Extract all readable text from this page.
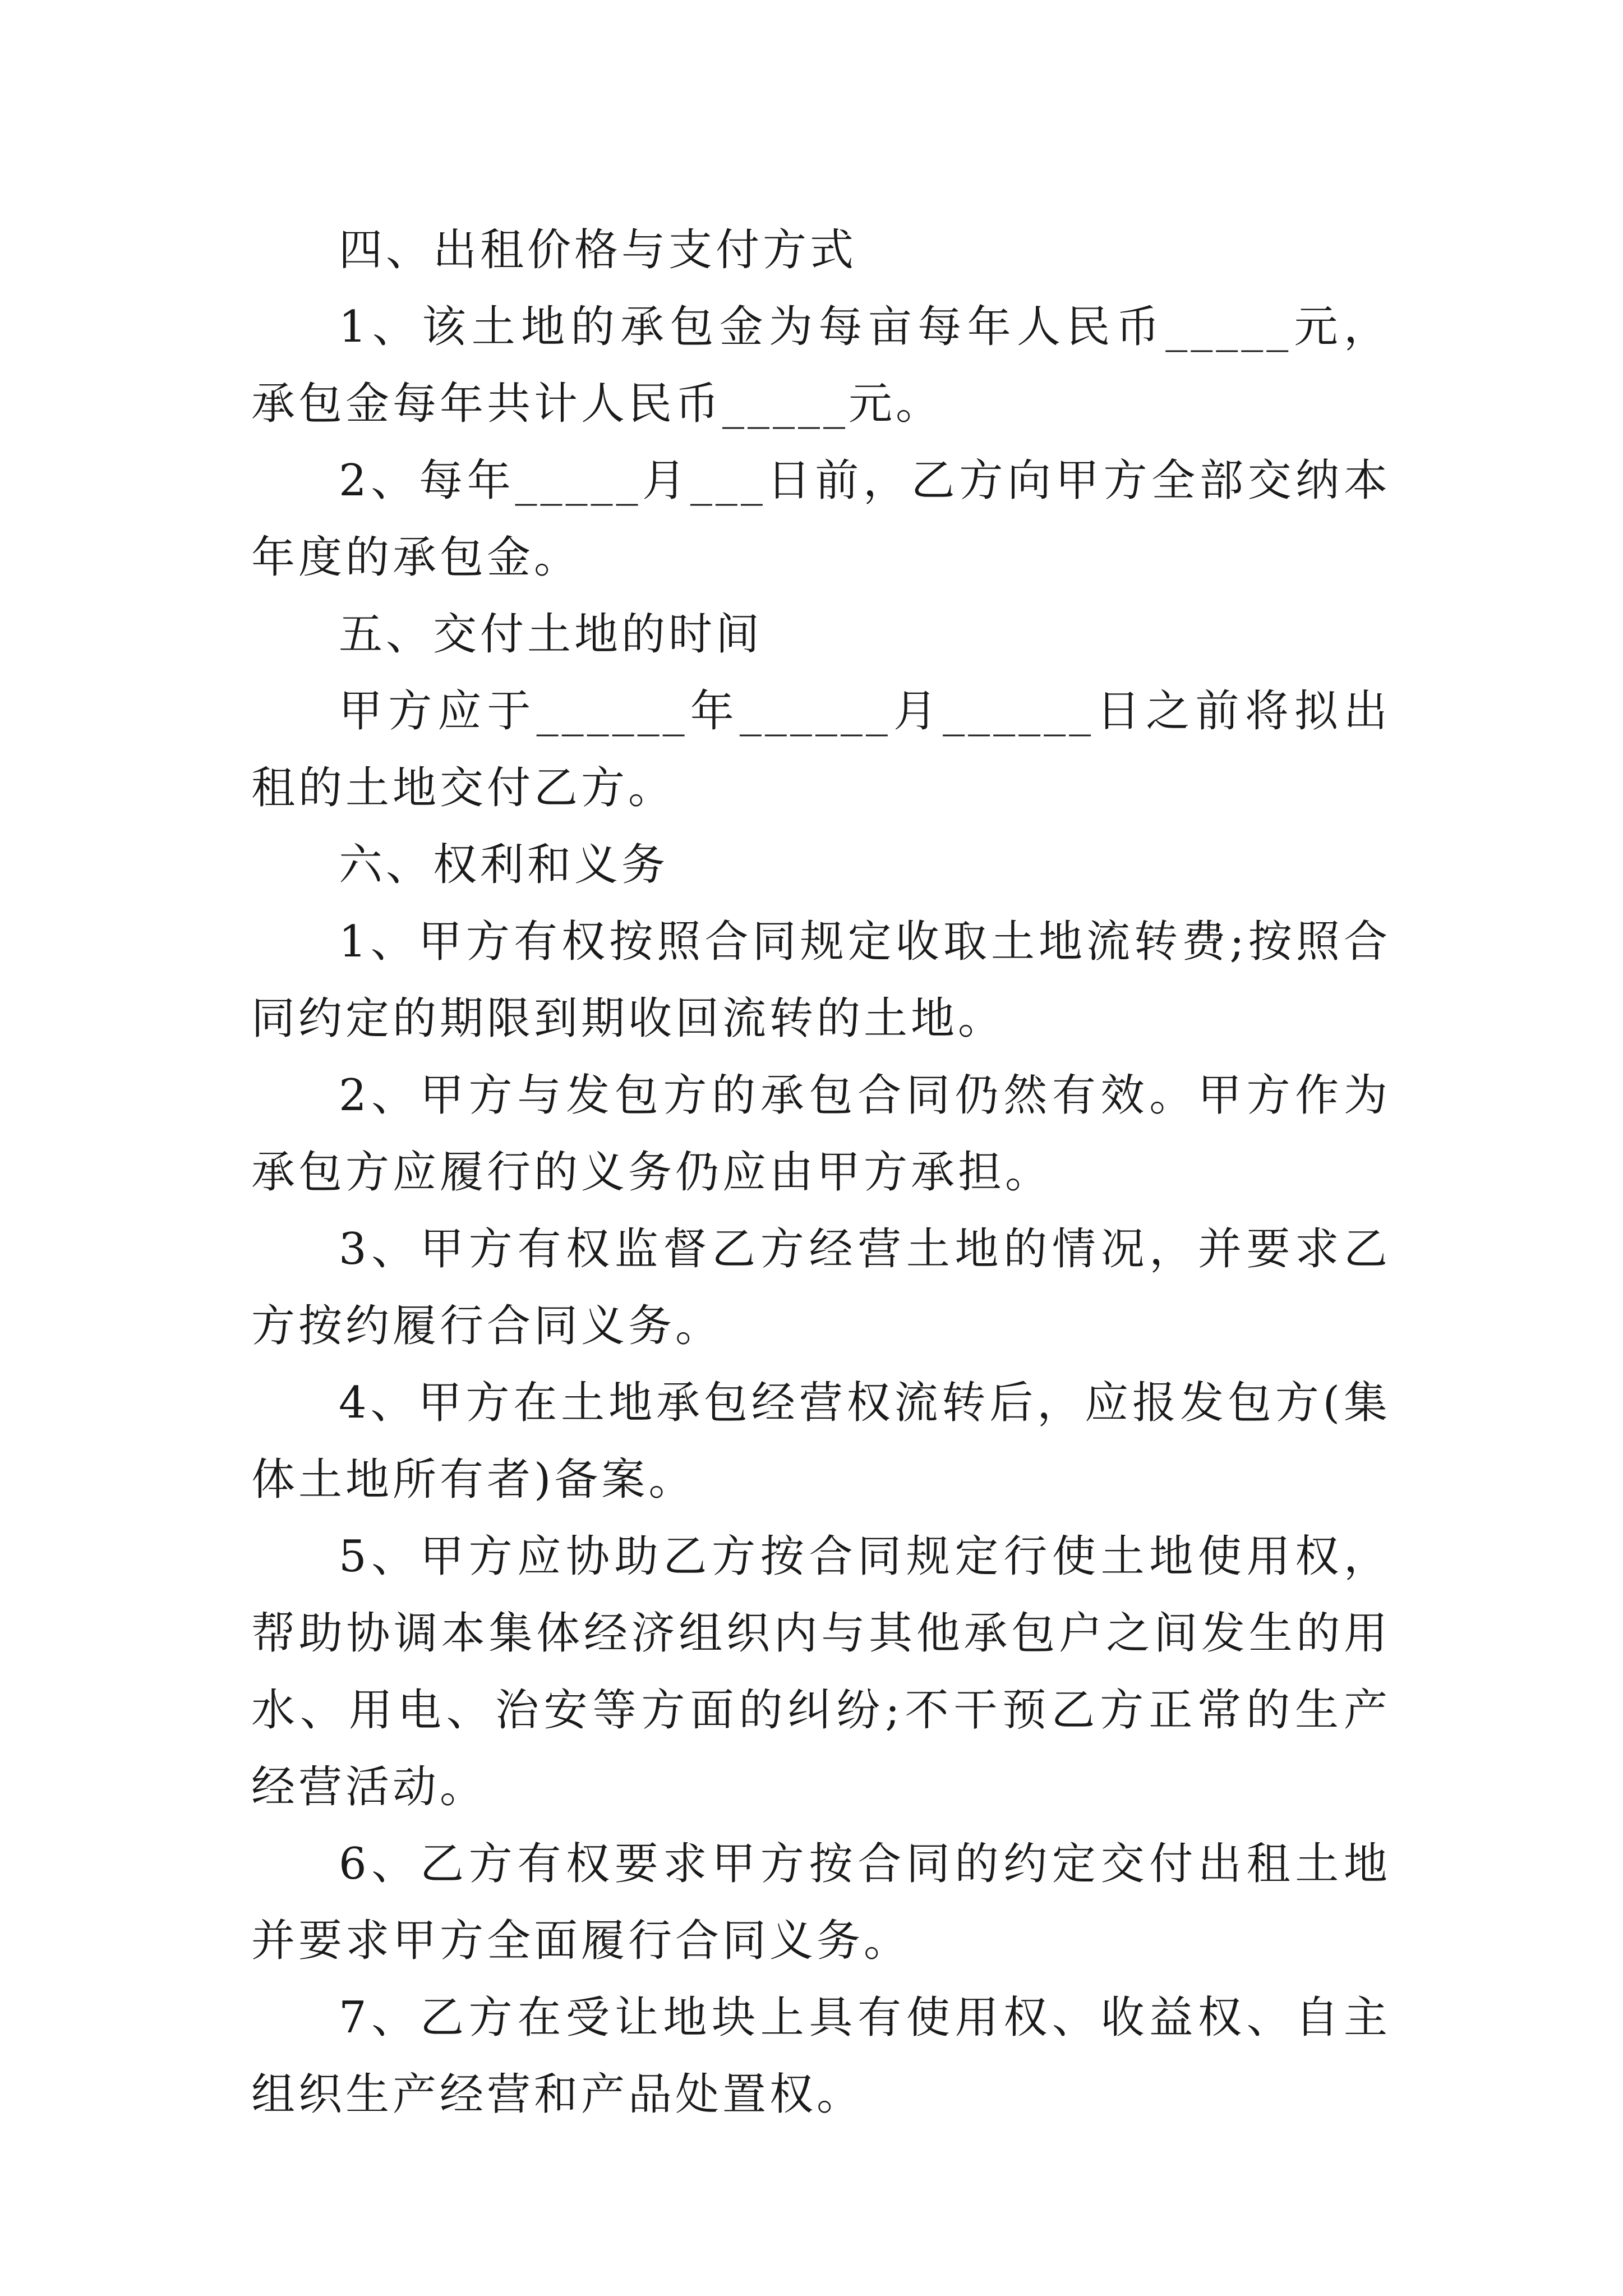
四、出租价格与支付方式

1、该土地的承包金为每亩每年人民币_____元，承包金每年共计人民币_____元。

2、每年_____月___日前，乙方向甲方全部交纳本年度的承包金。

五、交付土地的时间

甲方应于______年______月______日之前将拟出租的土地交付乙方。

六、权利和义务

1、甲方有权按照合同规定收取土地流转费;按照合同约定的期限到期收回流转的土地。

2、甲方与发包方的承包合同仍然有效。甲方作为承包方应履行的义务仍应由甲方承担。

3、甲方有权监督乙方经营土地的情况，并要求乙方按约履行合同义务。

4、甲方在土地承包经营权流转后，应报发包方(集体土地所有者)备案。

5、甲方应协助乙方按合同规定行使土地使用权，帮助协调本集体经济组织内与其他承包户之间发生的用水、用电、治安等方面的纠纷;不干预乙方正常的生产经营活动。

6、乙方有权要求甲方按合同的约定交付出租土地并要求甲方全面履行合同义务。

7、乙方在受让地块上具有使用权、收益权、自主组织生产经营和产品处置权。
